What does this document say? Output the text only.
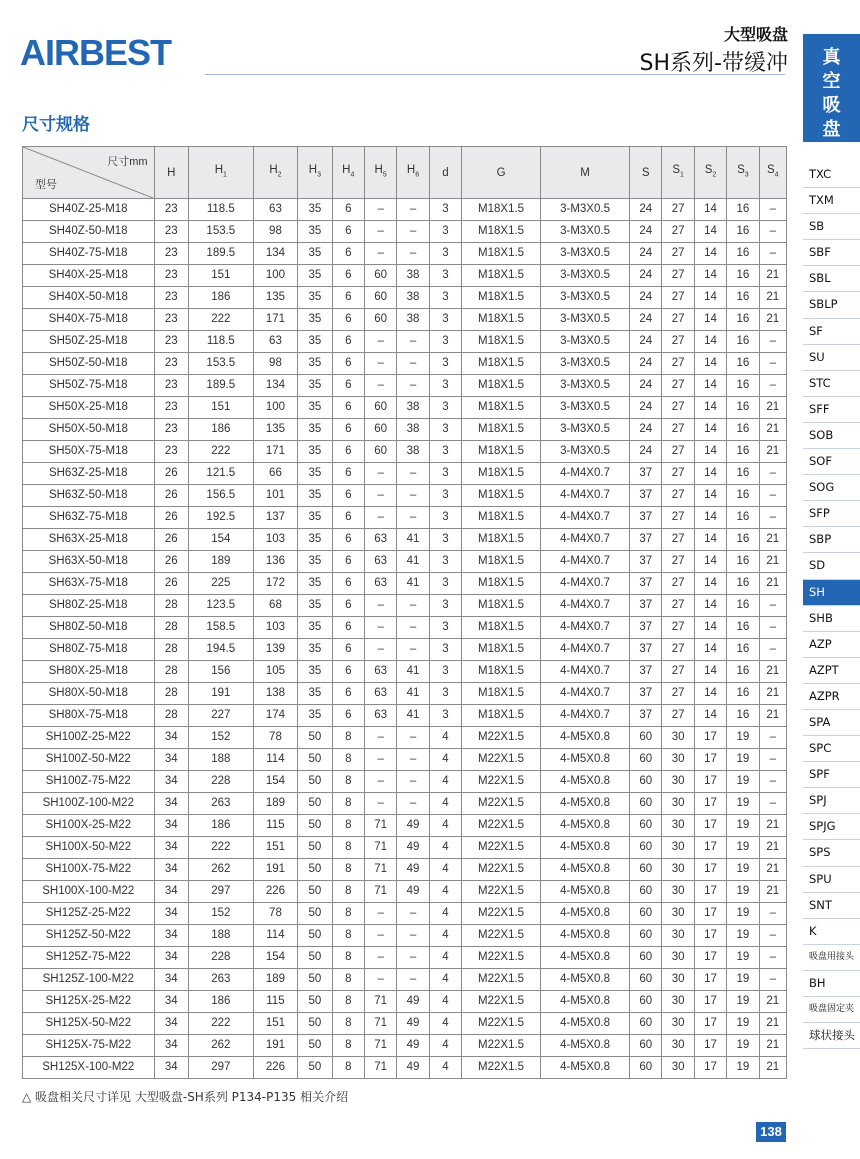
AIRBEST	大型吸盘
SH系列-带缓冲	真
空
吸
盘
TXC
TXM
SB
SBF
SBL
SBLP
SF
SU
STC
SFF
SOB
SOF
SOG
SFP
SBP
SD
SH
SHB
AZP
AZPT
AZPR
SPA
SPC
SPF
SPJ
SPJG
SPS
SPU
SNT
K
吸盘用接头
BH
吸盘固定夹
球状接头
尺寸规格
尺寸mm
型号	H	$H_1$	$H_2$	$H_3$	$H_4$	$H_5$	$H_6$	d	G	M	S	$S_1$	$S_2$	$S_3$	$S_4$
SH40Z-25-M18	23	118.5	63	35	6	–	–	3	M18X1.5	3-M3X0.5	24	27	14	16	–
SH40Z-50-M18	23	153.5	98	35	6	–	–	3	M18X1.5	3-M3X0.5	24	27	14	16	–
SH40Z-75-M18	23	189.5	134	35	6	–	–	3	M18X1.5	3-M3X0.5	24	27	14	16	–
SH40X-25-M18	23	151	100	35	6	60	38	3	M18X1.5	3-M3X0.5	24	27	14	16	21
SH40X-50-M18	23	186	135	35	6	60	38	3	M18X1.5	3-M3X0.5	24	27	14	16	21
SH40X-75-M18	23	222	171	35	6	60	38	3	M18X1.5	3-M3X0.5	24	27	14	16	21
SH50Z-25-M18	23	118.5	63	35	6	–	–	3	M18X1.5	3-M3X0.5	24	27	14	16	–
SH50Z-50-M18	23	153.5	98	35	6	–	–	3	M18X1.5	3-M3X0.5	24	27	14	16	–
SH50Z-75-M18	23	189.5	134	35	6	–	–	3	M18X1.5	3-M3X0.5	24	27	14	16	–
SH50X-25-M18	23	151	100	35	6	60	38	3	M18X1.5	3-M3X0.5	24	27	14	16	21
SH50X-50-M18	23	186	135	35	6	60	38	3	M18X1.5	3-M3X0.5	24	27	14	16	21
SH50X-75-M18	23	222	171	35	6	60	38	3	M18X1.5	3-M3X0.5	24	27	14	16	21
SH63Z-25-M18	26	121.5	66	35	6	–	–	3	M18X1.5	4-M4X0.7	37	27	14	16	–
SH63Z-50-M18	26	156.5	101	35	6	–	–	3	M18X1.5	4-M4X0.7	37	27	14	16	–
SH63Z-75-M18	26	192.5	137	35	6	–	–	3	M18X1.5	4-M4X0.7	37	27	14	16	–
SH63X-25-M18	26	154	103	35	6	63	41	3	M18X1.5	4-M4X0.7	37	27	14	16	21
SH63X-50-M18	26	189	136	35	6	63	41	3	M18X1.5	4-M4X0.7	37	27	14	16	21
SH63X-75-M18	26	225	172	35	6	63	41	3	M18X1.5	4-M4X0.7	37	27	14	16	21
SH80Z-25-M18	28	123.5	68	35	6	–	–	3	M18X1.5	4-M4X0.7	37	27	14	16	–
SH80Z-50-M18	28	158.5	103	35	6	–	–	3	M18X1.5	4-M4X0.7	37	27	14	16	–
SH80Z-75-M18	28	194.5	139	35	6	–	–	3	M18X1.5	4-M4X0.7	37	27	14	16	–
SH80X-25-M18	28	156	105	35	6	63	41	3	M18X1.5	4-M4X0.7	37	27	14	16	21
SH80X-50-M18	28	191	138	35	6	63	41	3	M18X1.5	4-M4X0.7	37	27	14	16	21
SH80X-75-M18	28	227	174	35	6	63	41	3	M18X1.5	4-M4X0.7	37	27	14	16	21
SH100Z-25-M22	34	152	78	50	8	–	–	4	M22X1.5	4-M5X0.8	60	30	17	19	–
SH100Z-50-M22	34	188	114	50	8	–	–	4	M22X1.5	4-M5X0.8	60	30	17	19	–
SH100Z-75-M22	34	228	154	50	8	–	–	4	M22X1.5	4-M5X0.8	60	30	17	19	–
SH100Z-100-M22	34	263	189	50	8	–	–	4	M22X1.5	4-M5X0.8	60	30	17	19	–
SH100X-25-M22	34	186	115	50	8	71	49	4	M22X1.5	4-M5X0.8	60	30	17	19	21
SH100X-50-M22	34	222	151	50	8	71	49	4	M22X1.5	4-M5X0.8	60	30	17	19	21
SH100X-75-M22	34	262	191	50	8	71	49	4	M22X1.5	4-M5X0.8	60	30	17	19	21
SH100X-100-M22	34	297	226	50	8	71	49	4	M22X1.5	4-M5X0.8	60	30	17	19	21
SH125Z-25-M22	34	152	78	50	8	–	–	4	M22X1.5	4-M5X0.8	60	30	17	19	–
SH125Z-50-M22	34	188	114	50	8	–	–	4	M22X1.5	4-M5X0.8	60	30	17	19	–
SH125Z-75-M22	34	228	154	50	8	–	–	4	M22X1.5	4-M5X0.8	60	30	17	19	–
SH125Z-100-M22	34	263	189	50	8	–	–	4	M22X1.5	4-M5X0.8	60	30	17	19	–
SH125X-25-M22	34	186	115	50	8	71	49	4	M22X1.5	4-M5X0.8	60	30	17	19	21
SH125X-50-M22	34	222	151	50	8	71	49	4	M22X1.5	4-M5X0.8	60	30	17	19	21
SH125X-75-M22	34	262	191	50	8	71	49	4	M22X1.5	4-M5X0.8	60	30	17	19	21
SH125X-100-M22	34	297	226	50	8	71	49	4	M22X1.5	4-M5X0.8	60	30	17	19	21
△ 吸盘相关尺寸详见 大型吸盘-SH系列 P134-P135 相关介绍
138
